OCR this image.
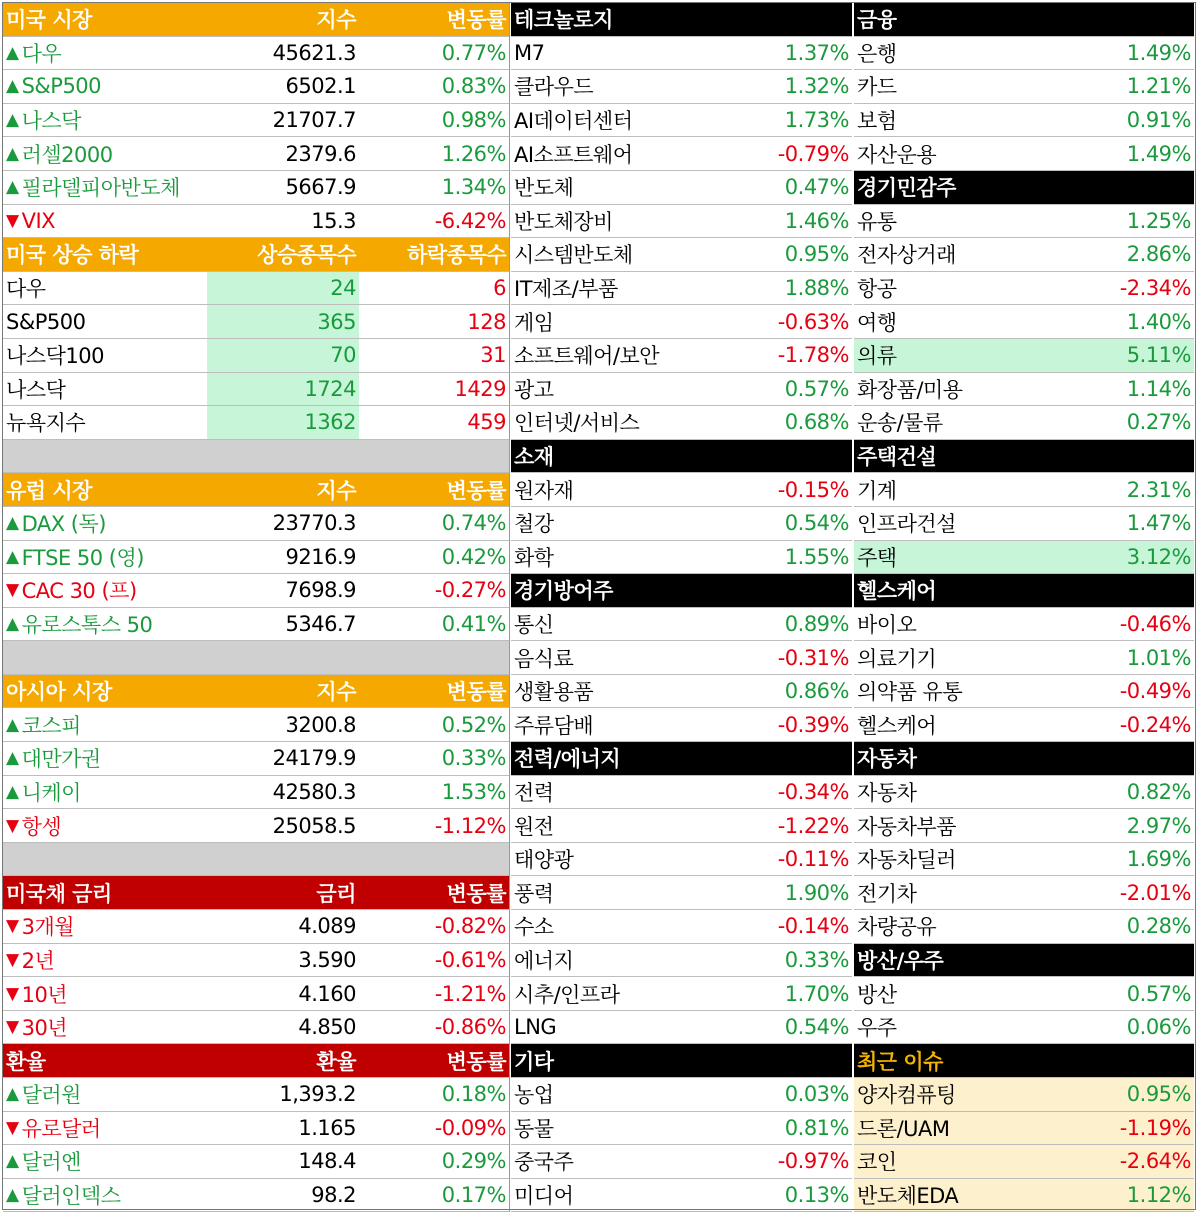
미국 시장	지수	변동률
▲ 다우	45621.3	0.77%
▲ S&P500	6502.1	0.83%
▲ 나스닥	21707.7	0.98%
▲ 러셀2000	2379.6	1.26%
▲ 필라델피아반도체	5667.9	1.34%
▼ VIX	15.3	-6.42%
미국 상승 하락	상승종목수	하락종목수
다우	24	6
S&P500	365	128
나스닥100	70	31
나스닥	1724	1429
뉴욕지수	1362	459
유럽 시장	지수	변동률
▲ DAX (독)	23770.3	0.74%
▲ FTSE 50 (영)	9216.9	0.42%
▼ CAC 30 (프)	7698.9	-0.27%
▲ 유로스톡스 50	5346.7	0.41%
아시아 시장	지수	변동률
▲ 코스피	3200.8	0.52%
▲ 대만가권	24179.9	0.33%
▲ 니케이	42580.3	1.53%
▼ 항셍	25058.5	-1.12%
미국채 금리	금리	변동률
▼ 3개월	4.089	-0.82%
▼ 2년	3.590	-0.61%
▼ 10년	4.160	-1.21%
▼ 30년	4.850	-0.86%
환율	환율	변동률
▲ 달러원	1,393.2	0.18%
▼ 유로달러	1.165	-0.09%
▲ 달러엔	148.4	0.29%
▲ 달러인덱스	98.2	0.17%
테크놀로지
M7	1.37%
클라우드	1.32%
AI데이터센터	1.73%
AI소프트웨어	-0.79%
반도체	0.47%
반도체장비	1.46%
시스템반도체	0.95%
IT제조/부품	1.88%
게임	-0.63%
소프트웨어/보안	-1.78%
광고	0.57%
인터넷/서비스	0.68%
소재
원자재	-0.15%
철강	0.54%
화학	1.55%
경기방어주
통신	0.89%
음식료	-0.31%
생활용품	0.86%
주류담배	-0.39%
전력/에너지
전력	-0.34%
원전	-1.22%
태양광	-0.11%
풍력	1.90%
수소	-0.14%
에너지	0.33%
시추/인프라	1.70%
LNG	0.54%
기타
농업	0.03%
동물	0.81%
중국주	-0.97%
미디어	0.13%
금융
은행	1.49%
카드	1.21%
보험	0.91%
자산운용	1.49%
경기민감주
유통	1.25%
전자상거래	2.86%
항공	-2.34%
여행	1.40%
의류	5.11%
화장품/미용	1.14%
운송/물류	0.27%
주택건설
기계	2.31%
인프라건설	1.47%
주택	3.12%
헬스케어
바이오	-0.46%
의료기기	1.01%
의약품 유통	-0.49%
헬스케어	-0.24%
자동차
자동차	0.82%
자동차부품	2.97%
자동차딜러	1.69%
전기차	-2.01%
차량공유	0.28%
방산/우주
방산	0.57%
우주	0.06%
최근 이슈
양자컴퓨팅	0.95%
드론/UAM	-1.19%
코인	-2.64%
반도체EDA	1.12%
